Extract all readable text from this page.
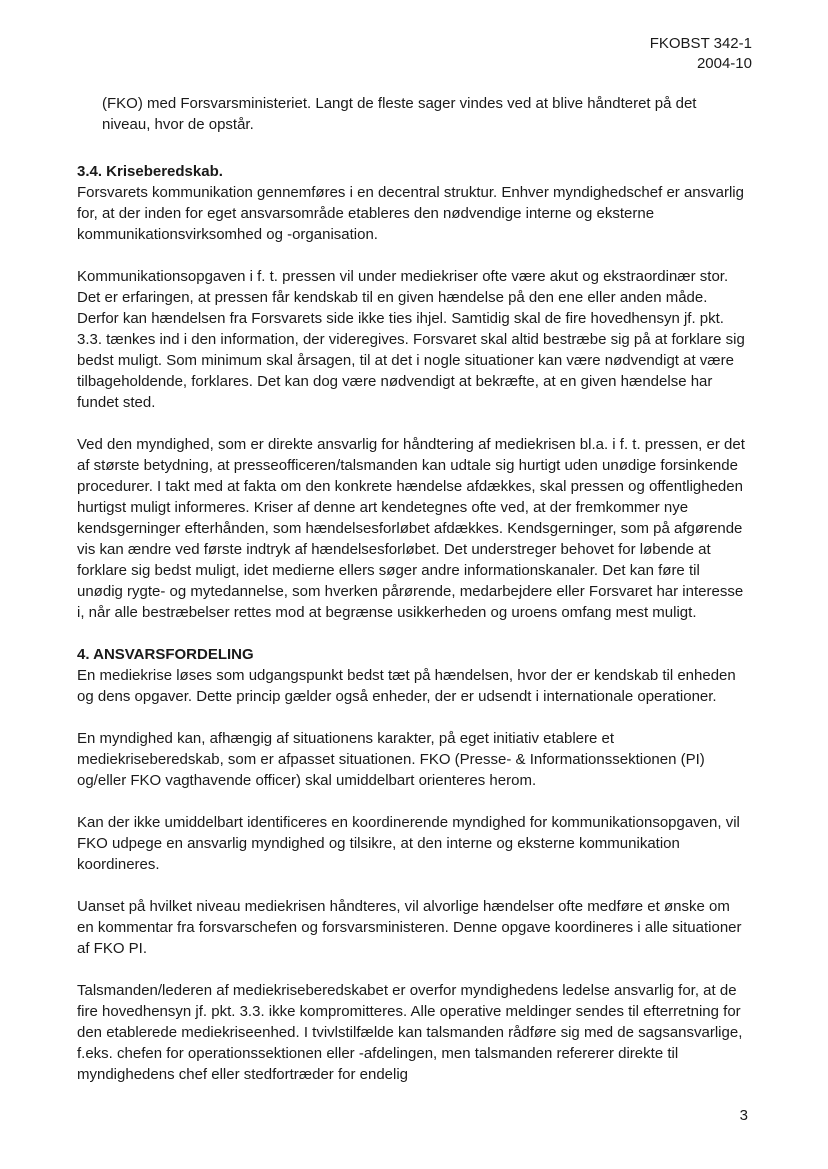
FKOBST 342-1
2004-10

(FKO) med Forsvarsministeriet. Langt de fleste sager vindes ved at blive håndteret på det niveau, hvor de opstår.

3.4. Kriseberedskab.

Forsvarets kommunikation gennemføres i en decentral struktur. Enhver myndighedschef er ansvarlig for, at der inden for eget ansvarsområde etableres den nødvendige interne og eksterne kommunikationsvirksomhed og -organisation.

Kommunikationsopgaven i f. t. pressen vil under mediekriser ofte være akut og ekstraordinær stor. Det er erfaringen, at pressen får kendskab til en given hændelse på den ene eller anden måde. Derfor kan hændelsen fra Forsvarets side ikke ties ihjel. Samtidig skal de fire hovedhensyn jf. pkt. 3.3. tænkes ind i den information, der videregives. Forsvaret skal altid bestræbe sig på at forklare sig bedst muligt. Som minimum skal årsagen, til at det i nogle situationer kan være nødvendigt at være tilbageholdende, forklares. Det kan dog være nødvendigt at bekræfte, at en given hændelse har fundet sted.

Ved den myndighed, som er direkte ansvarlig for håndtering af mediekrisen bl.a. i f. t. pressen, er det af største betydning, at presseofficeren/talsmanden kan udtale sig hurtigt uden unødige forsinkende procedurer. I takt med at fakta om den konkrete hændelse afdækkes, skal pressen og offentligheden hurtigst muligt informeres. Kriser af denne art kendetegnes ofte ved, at der fremkommer nye kendsgerninger efterhånden, som hændelsesforløbet afdækkes. Kendsgerninger, som på afgørende vis kan ændre ved første indtryk af hændelsesforløbet. Det understreger behovet for løbende at forklare sig bedst muligt, idet medierne ellers søger andre informationskanaler. Det kan føre til unødig rygte- og mytedannelse, som hverken pårørende, medarbejdere eller Forsvaret har interesse i, når alle bestræbelser rettes mod at begrænse usikkerheden og uroens omfang mest muligt.

4. ANSVARSFORDELING

En mediekrise løses som udgangspunkt bedst tæt på hændelsen, hvor der er kendskab til enheden og dens opgaver. Dette princip gælder også enheder, der er udsendt i internationale operationer.

En myndighed kan, afhængig af situationens karakter, på eget initiativ etablere et mediekriseberedskab, som er afpasset situationen. FKO (Presse- & Informationssektionen (PI) og/eller FKO vagthavende officer) skal umiddelbart orienteres herom.

Kan der ikke umiddelbart identificeres en koordinerende myndighed for kommunikationsopgaven, vil FKO udpege en ansvarlig myndighed og tilsikre, at den interne og eksterne kommunikation koordineres.

Uanset på hvilket niveau mediekrisen håndteres, vil alvorlige hændelser ofte medføre et ønske om en kommentar fra forsvarschefen og forsvarsministeren. Denne opgave koordineres i alle situationer af FKO PI.

Talsmanden/lederen af mediekriseberedskabet er overfor myndighedens ledelse ansvarlig for, at de fire hovedhensyn jf. pkt. 3.3. ikke kompromitteres. Alle operative meldinger sendes til efterretning for den etablerede mediekriseenhed. I tvivlstilfælde kan talsmanden rådføre sig med de sagsansvarlige, f.eks. chefen for operationssektionen eller -afdelingen, men talsmanden refererer direkte til myndighedens chef eller stedfortræder for endelig

3
